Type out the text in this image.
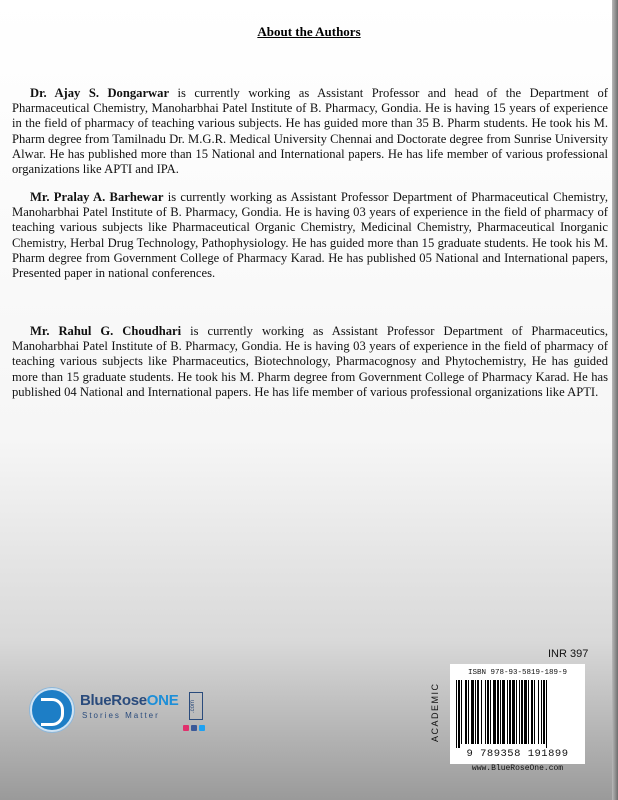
About the Authors

Dr. Ajay S. Dongarwar is currently working as Assistant Professor and head of the Department of Pharmaceutical Chemistry, Manoharbhai Patel Institute of B. Pharmacy, Gondia. He is having 15 years of experience in the field of pharmacy of teaching various subjects. He has guided more than 35 B. Pharm students. He took his M. Pharm degree from Tamilnadu Dr. M.G.R. Medical University Chennai and Doctorate degree from Sunrise University Alwar. He has published more than 15 National and International papers. He has life member of various professional organizations like APTI and IPA.

Mr. Pralay A. Barhewar is currently working as Assistant Professor Department of Pharmaceutical Chemistry, Manoharbhai Patel Institute of B. Pharmacy, Gondia. He is having 03 years of experience in the field of pharmacy of teaching various subjects like Pharmaceutical Organic Chemistry, Medicinal Chemistry, Pharmaceutical Inorganic Chemistry, Herbal Drug Technology, Pathophysiology. He has guided more than 15 graduate students. He took his M. Pharm degree from Government College of Pharmacy Karad. He has published 05 National and International papers, Presented paper in national conferences.

Mr. Rahul G. Choudhari is currently working as Assistant Professor Department of Pharmaceutics, Manoharbhai Patel Institute of B. Pharmacy, Gondia. He is having 03 years of experience in the field of pharmacy of teaching various subjects like Pharmaceutics, Biotechnology, Pharmacognosy and Phytochemistry, He has guided more than 15 graduate students. He took his M. Pharm degree from Government College of Pharmacy Karad. He has published 04 National and International papers. He has life member of various professional organizations like APTI.

BlueRoseONE
Stories Matter
.com
INR 397
ACADEMIC
ISBN 978-93-5819-189-9
9 789358 191899
www.BlueRoseOne.com
